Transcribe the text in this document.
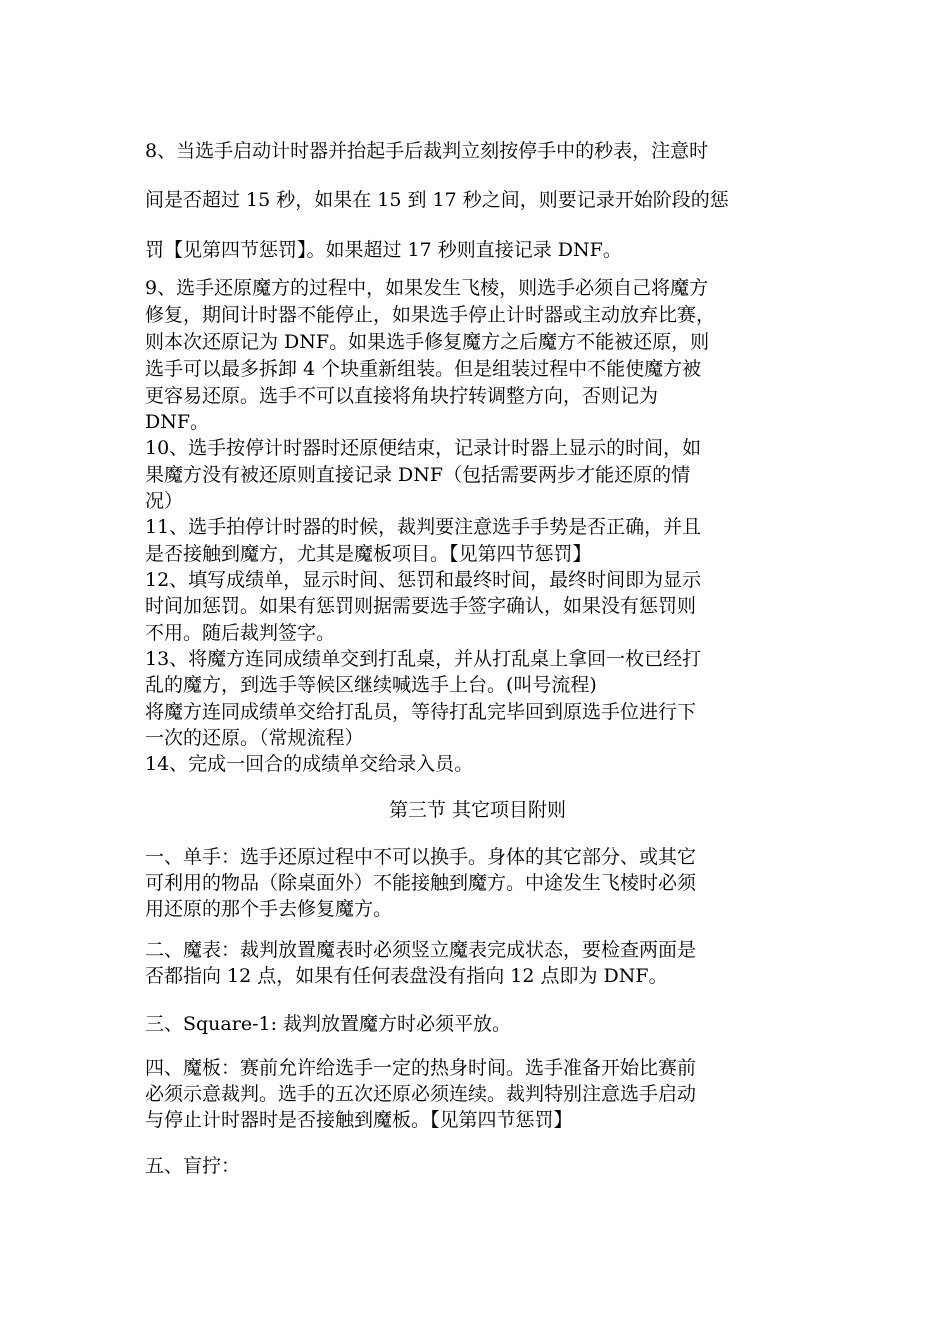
8、当选手启动计时器并抬起手后裁判立刻按停手中的秒表，注意时

间是否超过 15 秒，如果在 15 到 17 秒之间，则要记录开始阶段的惩

罚【见第四节惩罚】。如果超过 17 秒则直接记录 DNF。

9、选手还原魔方的过程中，如果发生飞棱，则选手必须自己将魔方

修复，期间计时器不能停止，如果选手停止计时器或主动放弃比赛，

则本次还原记为 DNF。如果选手修复魔方之后魔方不能被还原，则

选手可以最多拆卸 4 个块重新组装。但是组装过程中不能使魔方被

更容易还原。选手不可以直接将角块拧转调整方向，否则记为

DNF。

10、选手按停计时器时还原便结束，记录计时器上显示的时间，如

果魔方没有被还原则直接记录 DNF（包括需要两步才能还原的情

况）

11、选手拍停计时器的时候，裁判要注意选手手势是否正确，并且

是否接触到魔方，尤其是魔板项目。【见第四节惩罚】

12、填写成绩单，显示时间、惩罚和最终时间，最终时间即为显示

时间加惩罚。如果有惩罚则据需要选手签字确认，如果没有惩罚则

不用。随后裁判签字。

13、将魔方连同成绩单交到打乱桌，并从打乱桌上拿回一枚已经打

乱的魔方，到选手等候区继续喊选手上台。(叫号流程)

将魔方连同成绩单交给打乱员，等待打乱完毕回到原选手位进行下

一次的还原。（常规流程）

14、完成一回合的成绩单交给录入员。

第三节 其它项目附则

一、单手：选手还原过程中不可以换手。身体的其它部分、或其它

可利用的物品（除桌面外）不能接触到魔方。中途发生飞棱时必须

用还原的那个手去修复魔方。

二、魔表：裁判放置魔表时必须竖立魔表完成状态，要检查两面是

否都指向 12 点，如果有任何表盘没有指向 12 点即为 DNF。

三、Square-1: 裁判放置魔方时必须平放。

四、魔板：赛前允许给选手一定的热身时间。选手准备开始比赛前

必须示意裁判。选手的五次还原必须连续。裁判特别注意选手启动

与停止计时器时是否接触到魔板。【见第四节惩罚】

五、盲拧：
